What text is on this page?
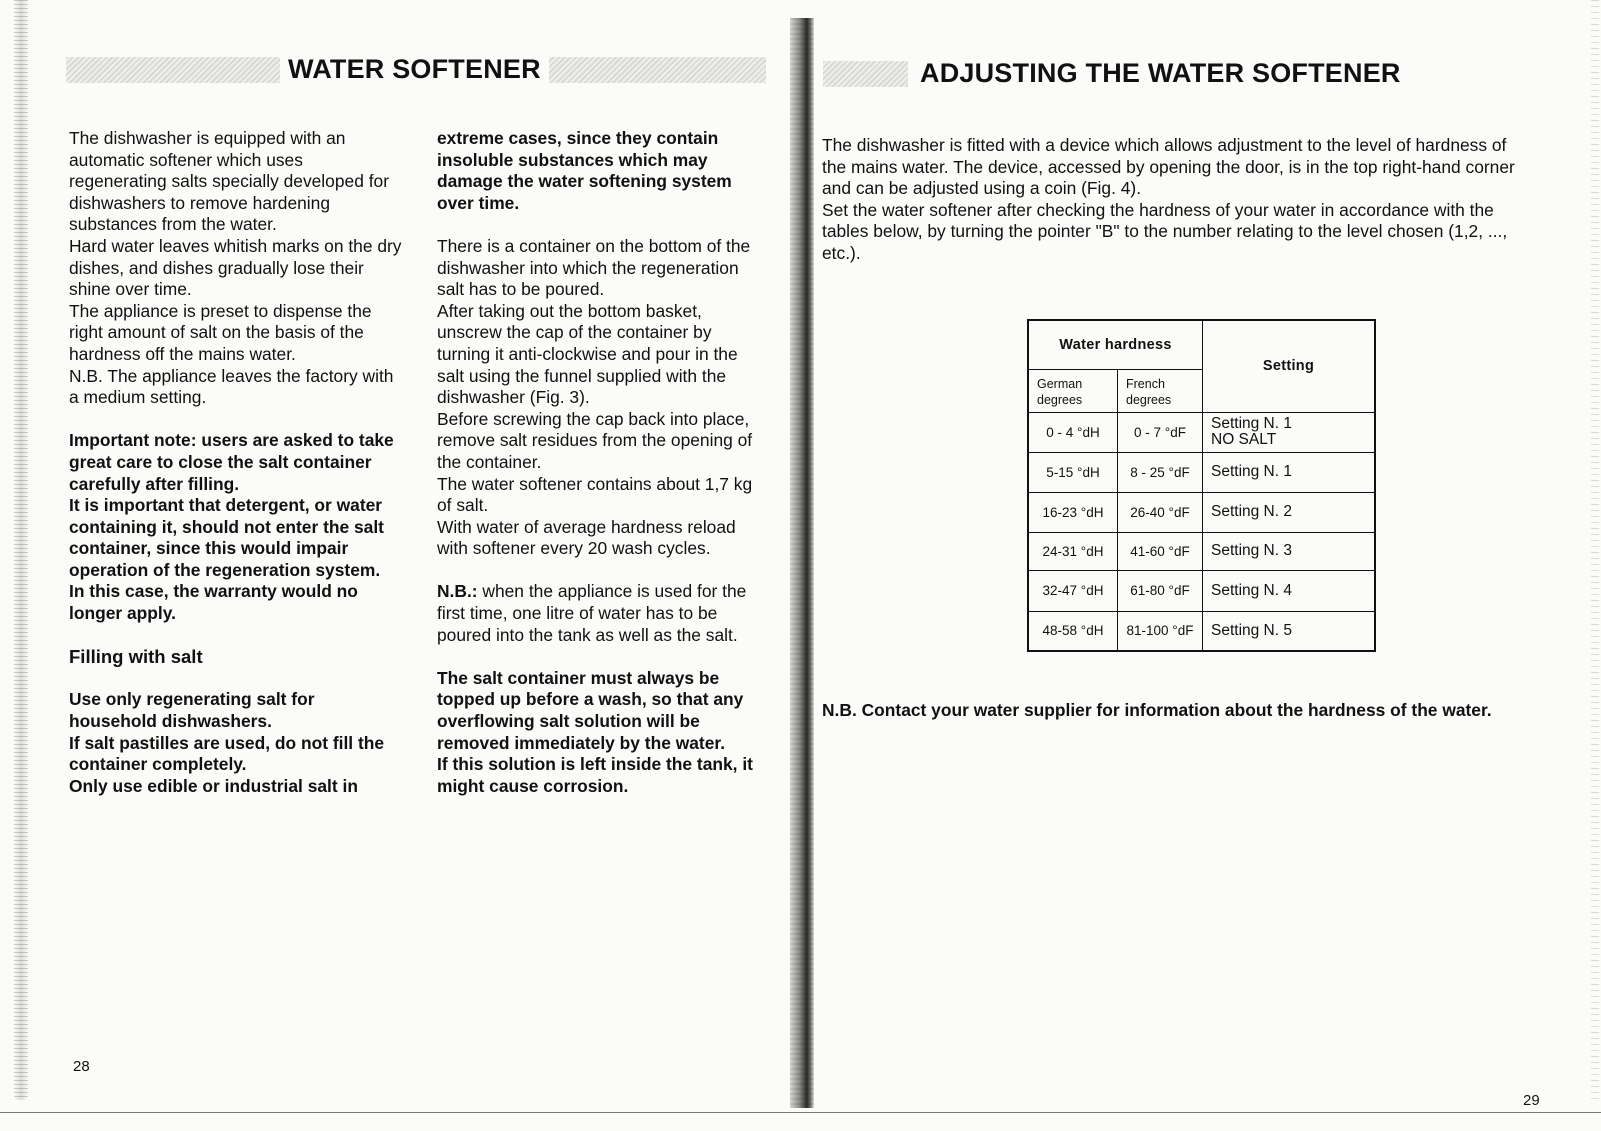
WATER SOFTENER

The dishwasher is equipped with an automatic softener which uses regenerating salts specially developed for dishwashers to remove hardening substances from the water.

Hard water leaves whitish marks on the dry dishes, and dishes gradually lose their shine over time.

The appliance is preset to dispense the right amount of salt on the basis of the hardness off the mains water.

N.B. The appliance leaves the factory with a medium setting.

Important note: users are asked to take great care to close the salt container carefully after filling.

It is important that detergent, or water containing it, should not enter the salt container, since this would impair operation of the regeneration system.

In this case, the warranty would no longer apply.

Filling with salt

Use only regenerating salt for household dishwashers.

If salt pastilles are used, do not fill the container completely.

Only use edible or industrial salt in

extreme cases, since they contain insoluble substances which may damage the water softening system over time.

There is a container on the bottom of the dishwasher into which the regeneration salt has to be poured.

After taking out the bottom basket, unscrew the cap of the container by turning it anti-clockwise and pour in the salt using the funnel supplied with the dishwasher (Fig. 3).

Before screwing the cap back into place, remove salt residues from the opening of the container.

The water softener contains about 1,7 kg of salt.

With water of average hardness reload with softener every 20 wash cycles.

N.B.: when the appliance is used for the first time, one litre of water has to be poured into the tank as well as the salt.

The salt container must always be topped up before a wash, so that any overflowing salt solution will be removed immediately by the water.

If this solution is left inside the tank, it might cause corrosion.

28
ADJUSTING THE WATER SOFTENER

The dishwasher is fitted with a device which allows adjustment to the level of hardness of the mains water. The device, accessed by opening the door, is in the top right-hand corner and can be adjusted using a coin (Fig. 4).

Set the water softener after checking the hardness of your water in accordance with the tables below, by turning the pointer "B" to the number relating to the level chosen (1,2, ..., etc.).

Water hardness		Setting
German degrees	French degrees	
0 - 4 °dH	0 - 7 °dF	Setting N. 1
NO SALT

5-15 °dH	8 - 25 °dF	Setting N. 1
16-23 °dH	26-40 °dF	Setting N. 2
24-31 °dH	41-60 °dF	Setting N. 3
32-47 °dH	61-80 °dF	Setting N. 4
48-58 °dH	81-100 °dF	Setting N. 5
N.B. Contact your water supplier for information about the hardness of the water.
29
